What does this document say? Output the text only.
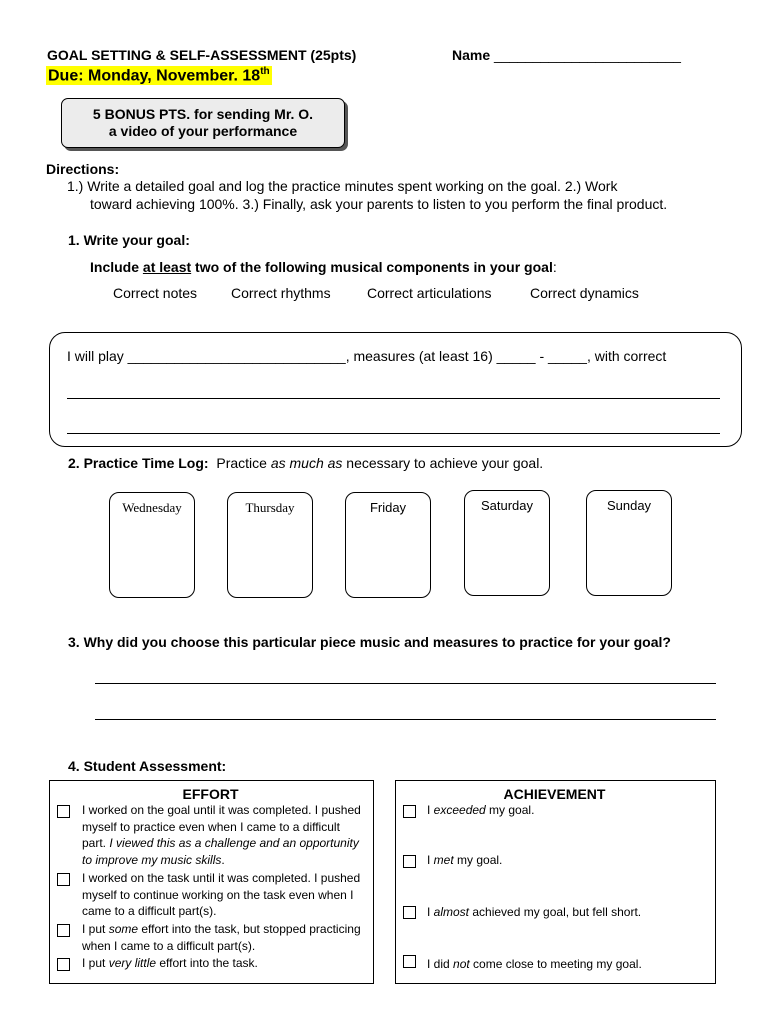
GOAL SETTING & SELF-ASSESSMENT (25pts)	Name ________________________
Due: Monday, November. 18th
5 BONUS PTS. for sending Mr. O.
a video of your performance
Directions:
1.) Write a detailed goal and log the practice minutes spent working on the goal. 2.) Work
toward achieving 100%. 3.) Finally, ask your parents to listen to you perform the final product.
1. Write your goal:
Include at least two of the following musical components in your goal:
Correct notes Correct rhythms	Correct articulations	Correct dynamics
I will play ____________________________, measures (at least 16) _____ - _____, with correct
2. Practice Time Log:  Practice as much as necessary to achieve your goal.
Wednesday	Thursday	Friday	Saturday	Sunday
3. Why did you choose this particular piece music and measures to practice for your goal?
4. Student Assessment:
EFFORT
I worked on the goal until it was completed. I pushed myself to practice even when I came to a difficult part. I viewed this as a challenge and an opportunity to improve my music skills.
I worked on the task until it was completed. I pushed myself to continue working on the task even when I came to a difficult part(s).
I put some effort into the task, but stopped practicing when I came to a difficult part(s).
I put very little effort into the task.
ACHIEVEMENT
I exceeded my goal.
I met my goal.
I almost achieved my goal, but fell short.
I did not come close to meeting my goal.
